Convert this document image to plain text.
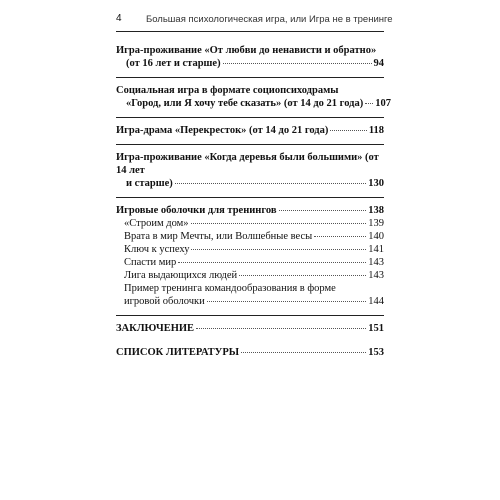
4	Большая психологическая игра, или Игра не в тренинге
Игра-проживание «От любви до ненависти и обратно»
(от 16 лет и старше)	94
Социальная игра в формате социопсиходрамы
«Город, или Я хочу тебе сказать» (от 14 до 21 года) 107
Игра-драма «Перекресток» (от 14 до 21 года)	118
Игра-проживание «Когда деревья были большими» (от 14 лет
и старше)	130
Игровые оболочки для тренингов	138
«Строим дом»	139
Врата в мир Мечты, или Волшебные весы	140
Ключ к успеху	141
Спасти мир	143
Лига выдающихся людей	143
Пример тренинга командообразования в форме
игровой оболочки	144
ЗАКЛЮЧЕНИЕ	151
СПИСОК ЛИТЕРАТУРЫ	153
